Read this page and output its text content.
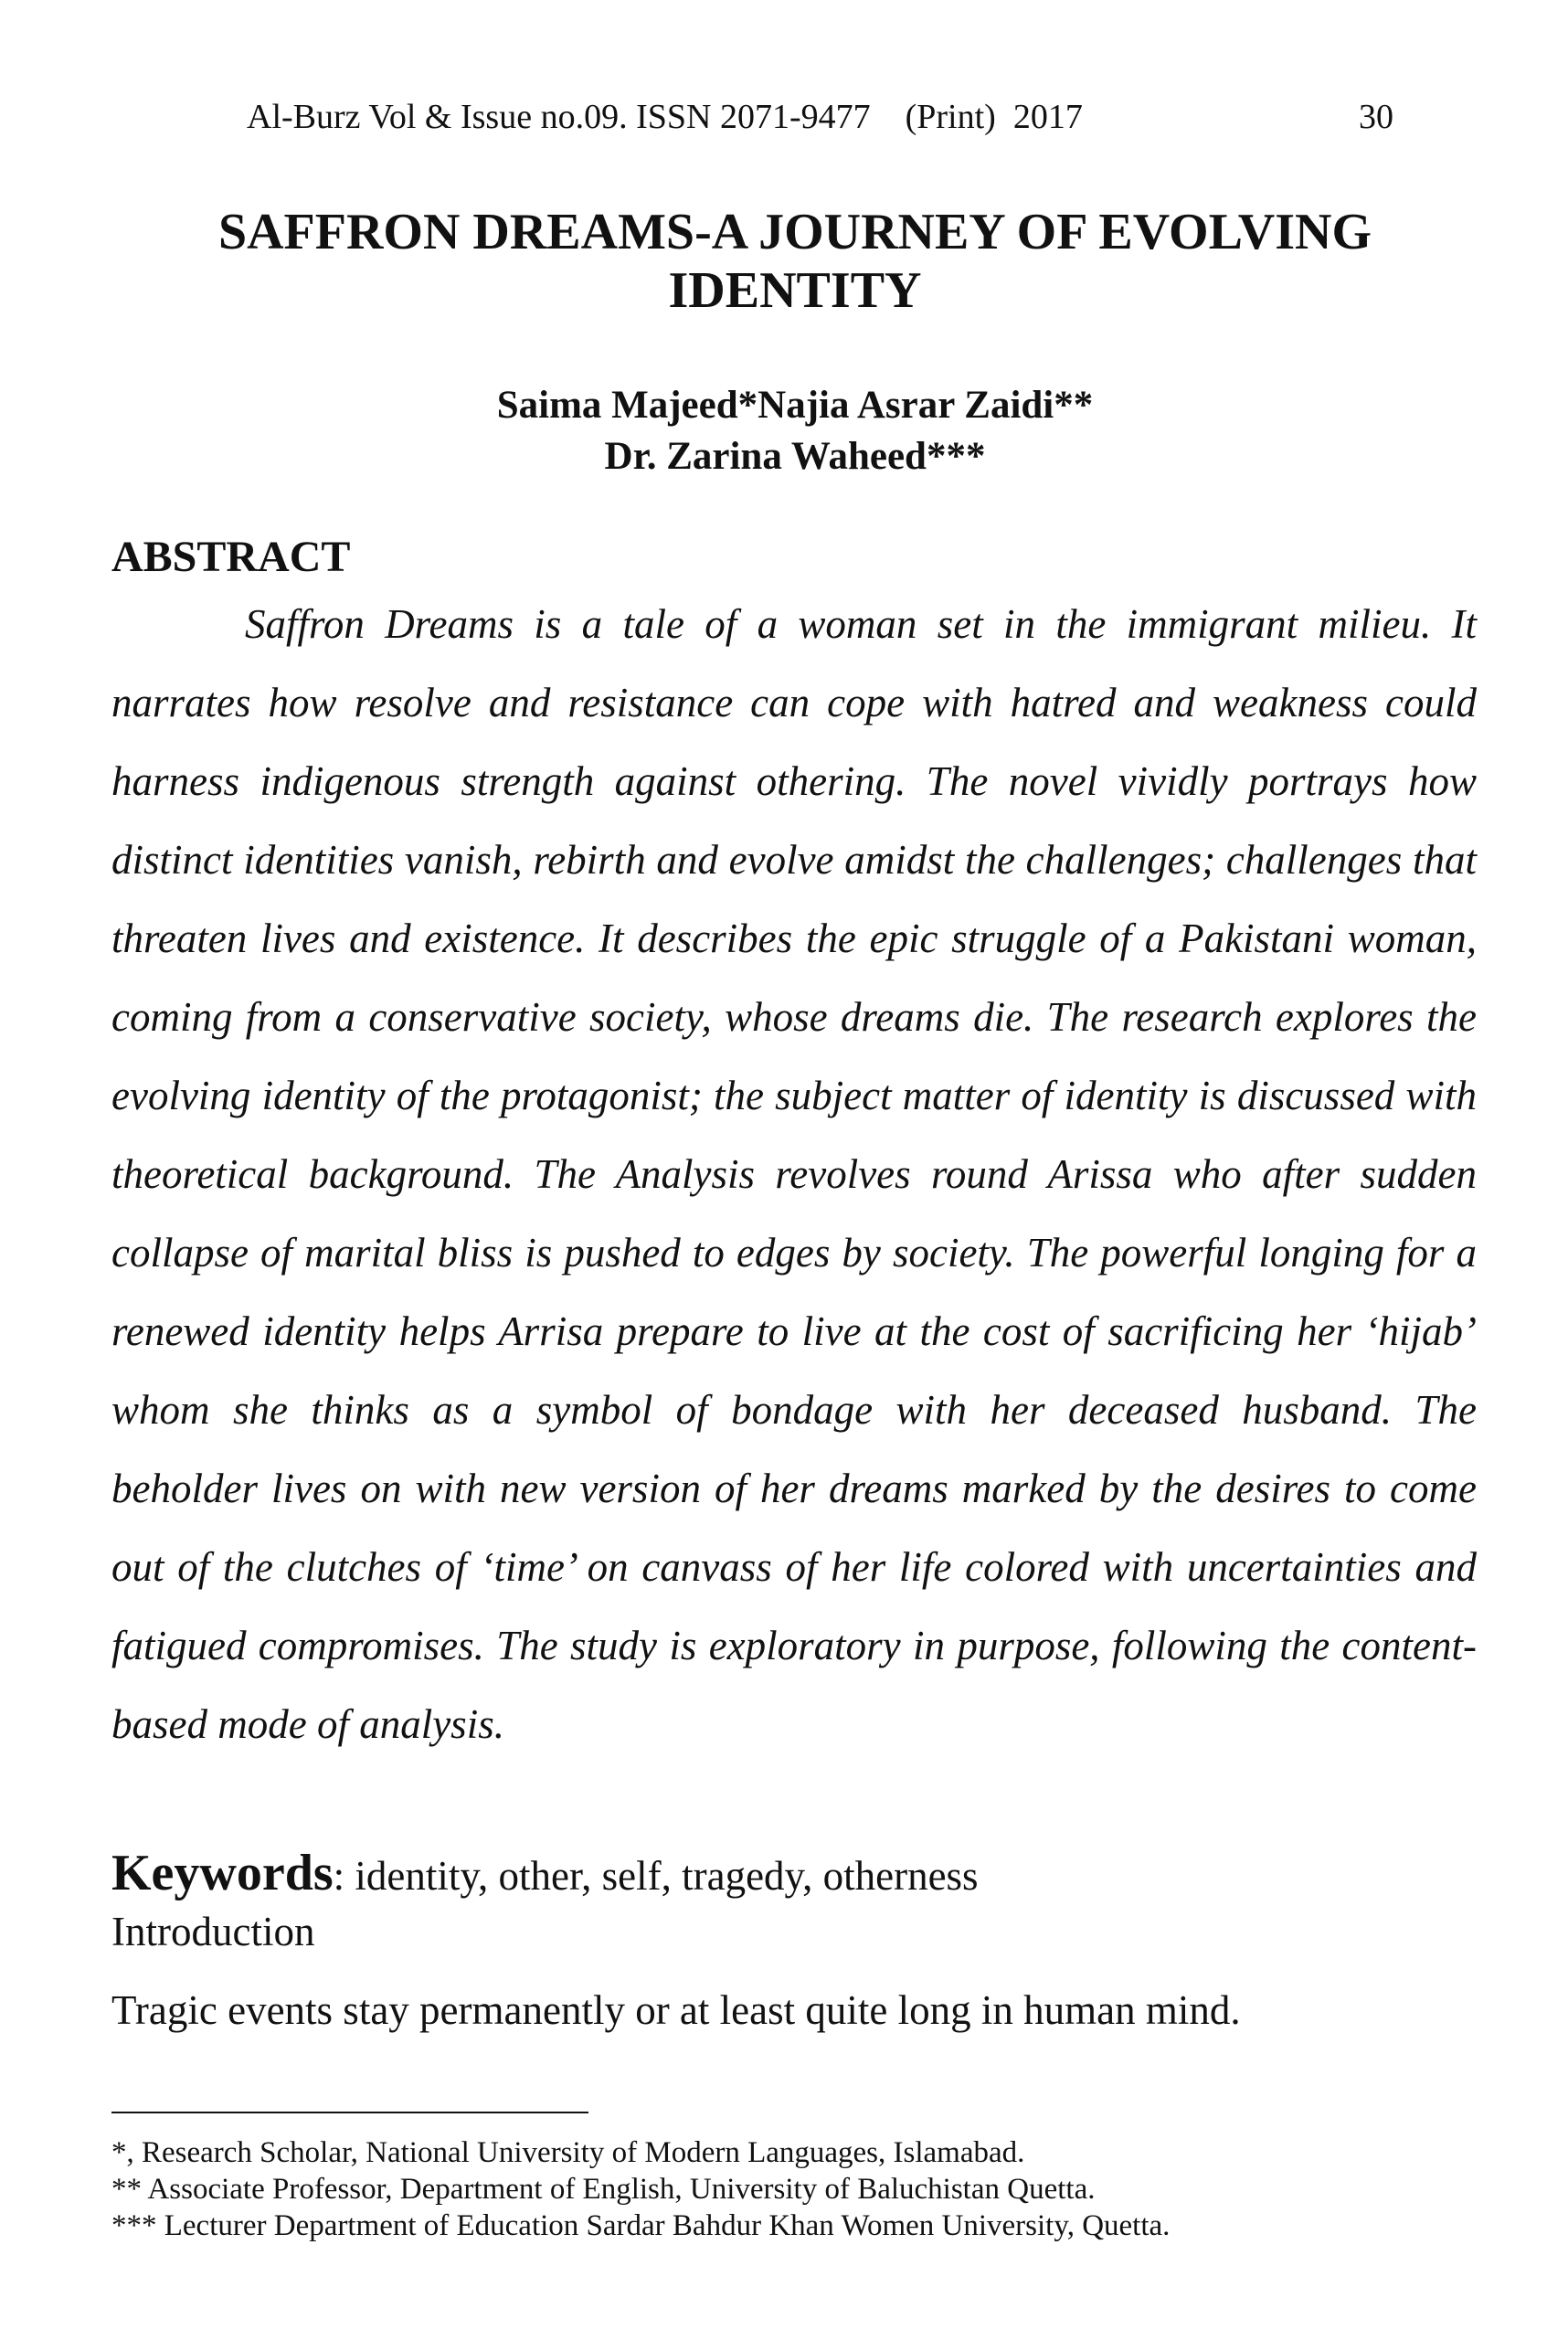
Al-Burz Vol & Issue no.09. ISSN 2071-9477    (Print)  2017	30
SAFFRON DREAMS-A JOURNEY OF EVOLVING
IDENTITY
Saima Majeed*Najia Asrar Zaidi**
Dr. Zarina Waheed***
ABSTRACT

Saffron Dreams is a tale of a woman set in the immigrant milieu. It narrates how resolve and resistance can cope with hatred and weakness could harness indigenous strength against othering. The novel vividly portrays how distinct identities vanish, rebirth and evolve amidst the challenges; challenges that threaten lives and existence. It describes the epic struggle of a Pakistani woman, coming from a conservative society, whose dreams die. The research explores the evolving identity of the protagonist; the subject matter of identity is discussed with theoretical background. The Analysis revolves round Arissa who after sudden collapse of marital bliss is pushed to edges by society. The powerful longing for a renewed identity helps Arrisa prepare to live at the cost of sacrificing her ‘hijab’ whom she thinks as a symbol of bondage with her deceased husband. The beholder lives on with new version of her dreams marked by the desires to come out of the clutches of ‘time’ on canvass of her life colored with uncertainties and fatigued compromises. The study is exploratory in purpose, following the content-based mode of analysis.

Keywords: identity, other, self, tragedy, otherness
Introduction

Tragic events stay permanently or at least quite long in human mind.

*, Research Scholar, National University of Modern Languages, Islamabad.
** Associate Professor, Department of English, University of Baluchistan Quetta.
*** Lecturer Department of Education Sardar Bahdur Khan Women University, Quetta.
